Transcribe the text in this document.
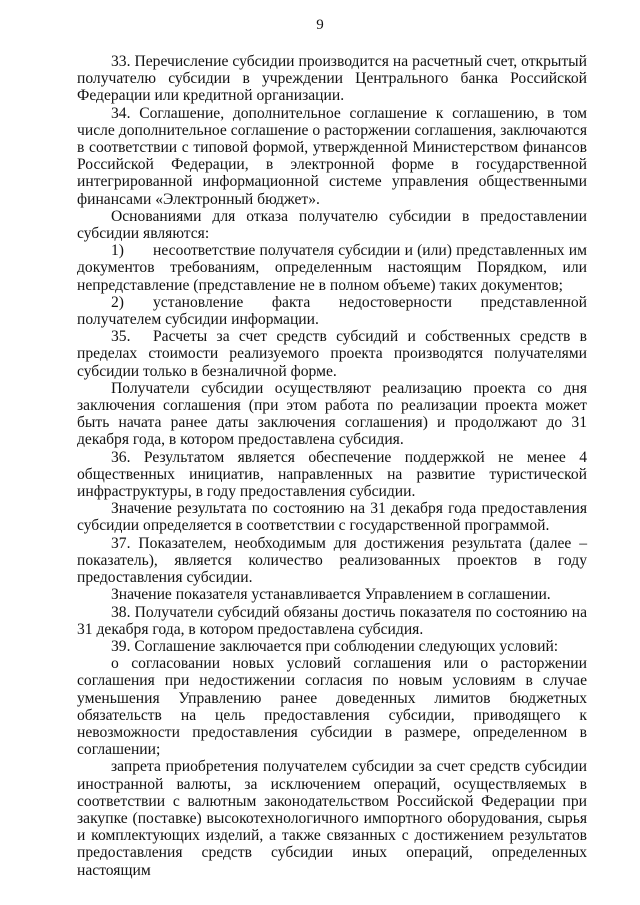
9

33. Перечисление субсидии производится на расчетный счет, открытый получателю субсидии в учреждении Центрального банка Российской Федерации или кредитной организации.

34. Соглашение, дополнительное соглашение к соглашению, в том числе дополнительное соглашение о расторжении соглашения, заключаются в соответствии с типовой формой, утвержденной Министерством финансов Российской Федерации, в электронной форме в государственной интегрированной информационной системе управления общественными финансами «Электронный бюджет».

Основаниями для отказа получателю субсидии в предоставлении субсидии являются:

1) несоответствие получателя субсидии и (или) представленных им документов требованиям, определенным настоящим Порядком, или непредставление (представление не в полном объеме) таких документов;

2) установление факта недостоверности представленной получателем субсидии информации.

35. Расчеты за счет средств субсидий и собственных средств в пределах стоимости реализуемого проекта производятся получателями субсидии только в безналичной форме.

Получатели субсидии осуществляют реализацию проекта со дня заключения соглашения (при этом работа по реализации проекта может быть начата ранее даты заключения соглашения) и продолжают до 31 декабря года, в котором предоставлена субсидия.

36. Результатом является обеспечение поддержкой не менее 4 общественных инициатив, направленных на развитие туристической инфраструктуры, в году предоставления субсидии.

Значение результата по состоянию на 31 декабря года предоставления субсидии определяется в соответствии с государственной программой.

37. Показателем, необходимым для достижения результата (далее – показатель), является количество реализованных проектов в году предоставления субсидии.

Значение показателя устанавливается Управлением в соглашении.

38. Получатели субсидий обязаны достичь показателя по состоянию на 31 декабря года, в котором предоставлена субсидия.

39. Соглашение заключается при соблюдении следующих условий:

о согласовании новых условий соглашения или о расторжении соглашения при недостижении согласия по новым условиям в случае уменьшения Управлению ранее доведенных лимитов бюджетных обязательств на цель предоставления субсидии, приводящего к невозможности предоставления субсидии в размере, определенном в соглашении;

запрета приобретения получателем субсидии за счет средств субсидии иностранной валюты, за исключением операций, осуществляемых в соответствии с валютным законодательством Российской Федерации при закупке (поставке) высокотехнологичного импортного оборудования, сырья и комплектующих изделий, а также связанных с достижением результатов предоставления средств субсидии иных операций, определенных настоящим
